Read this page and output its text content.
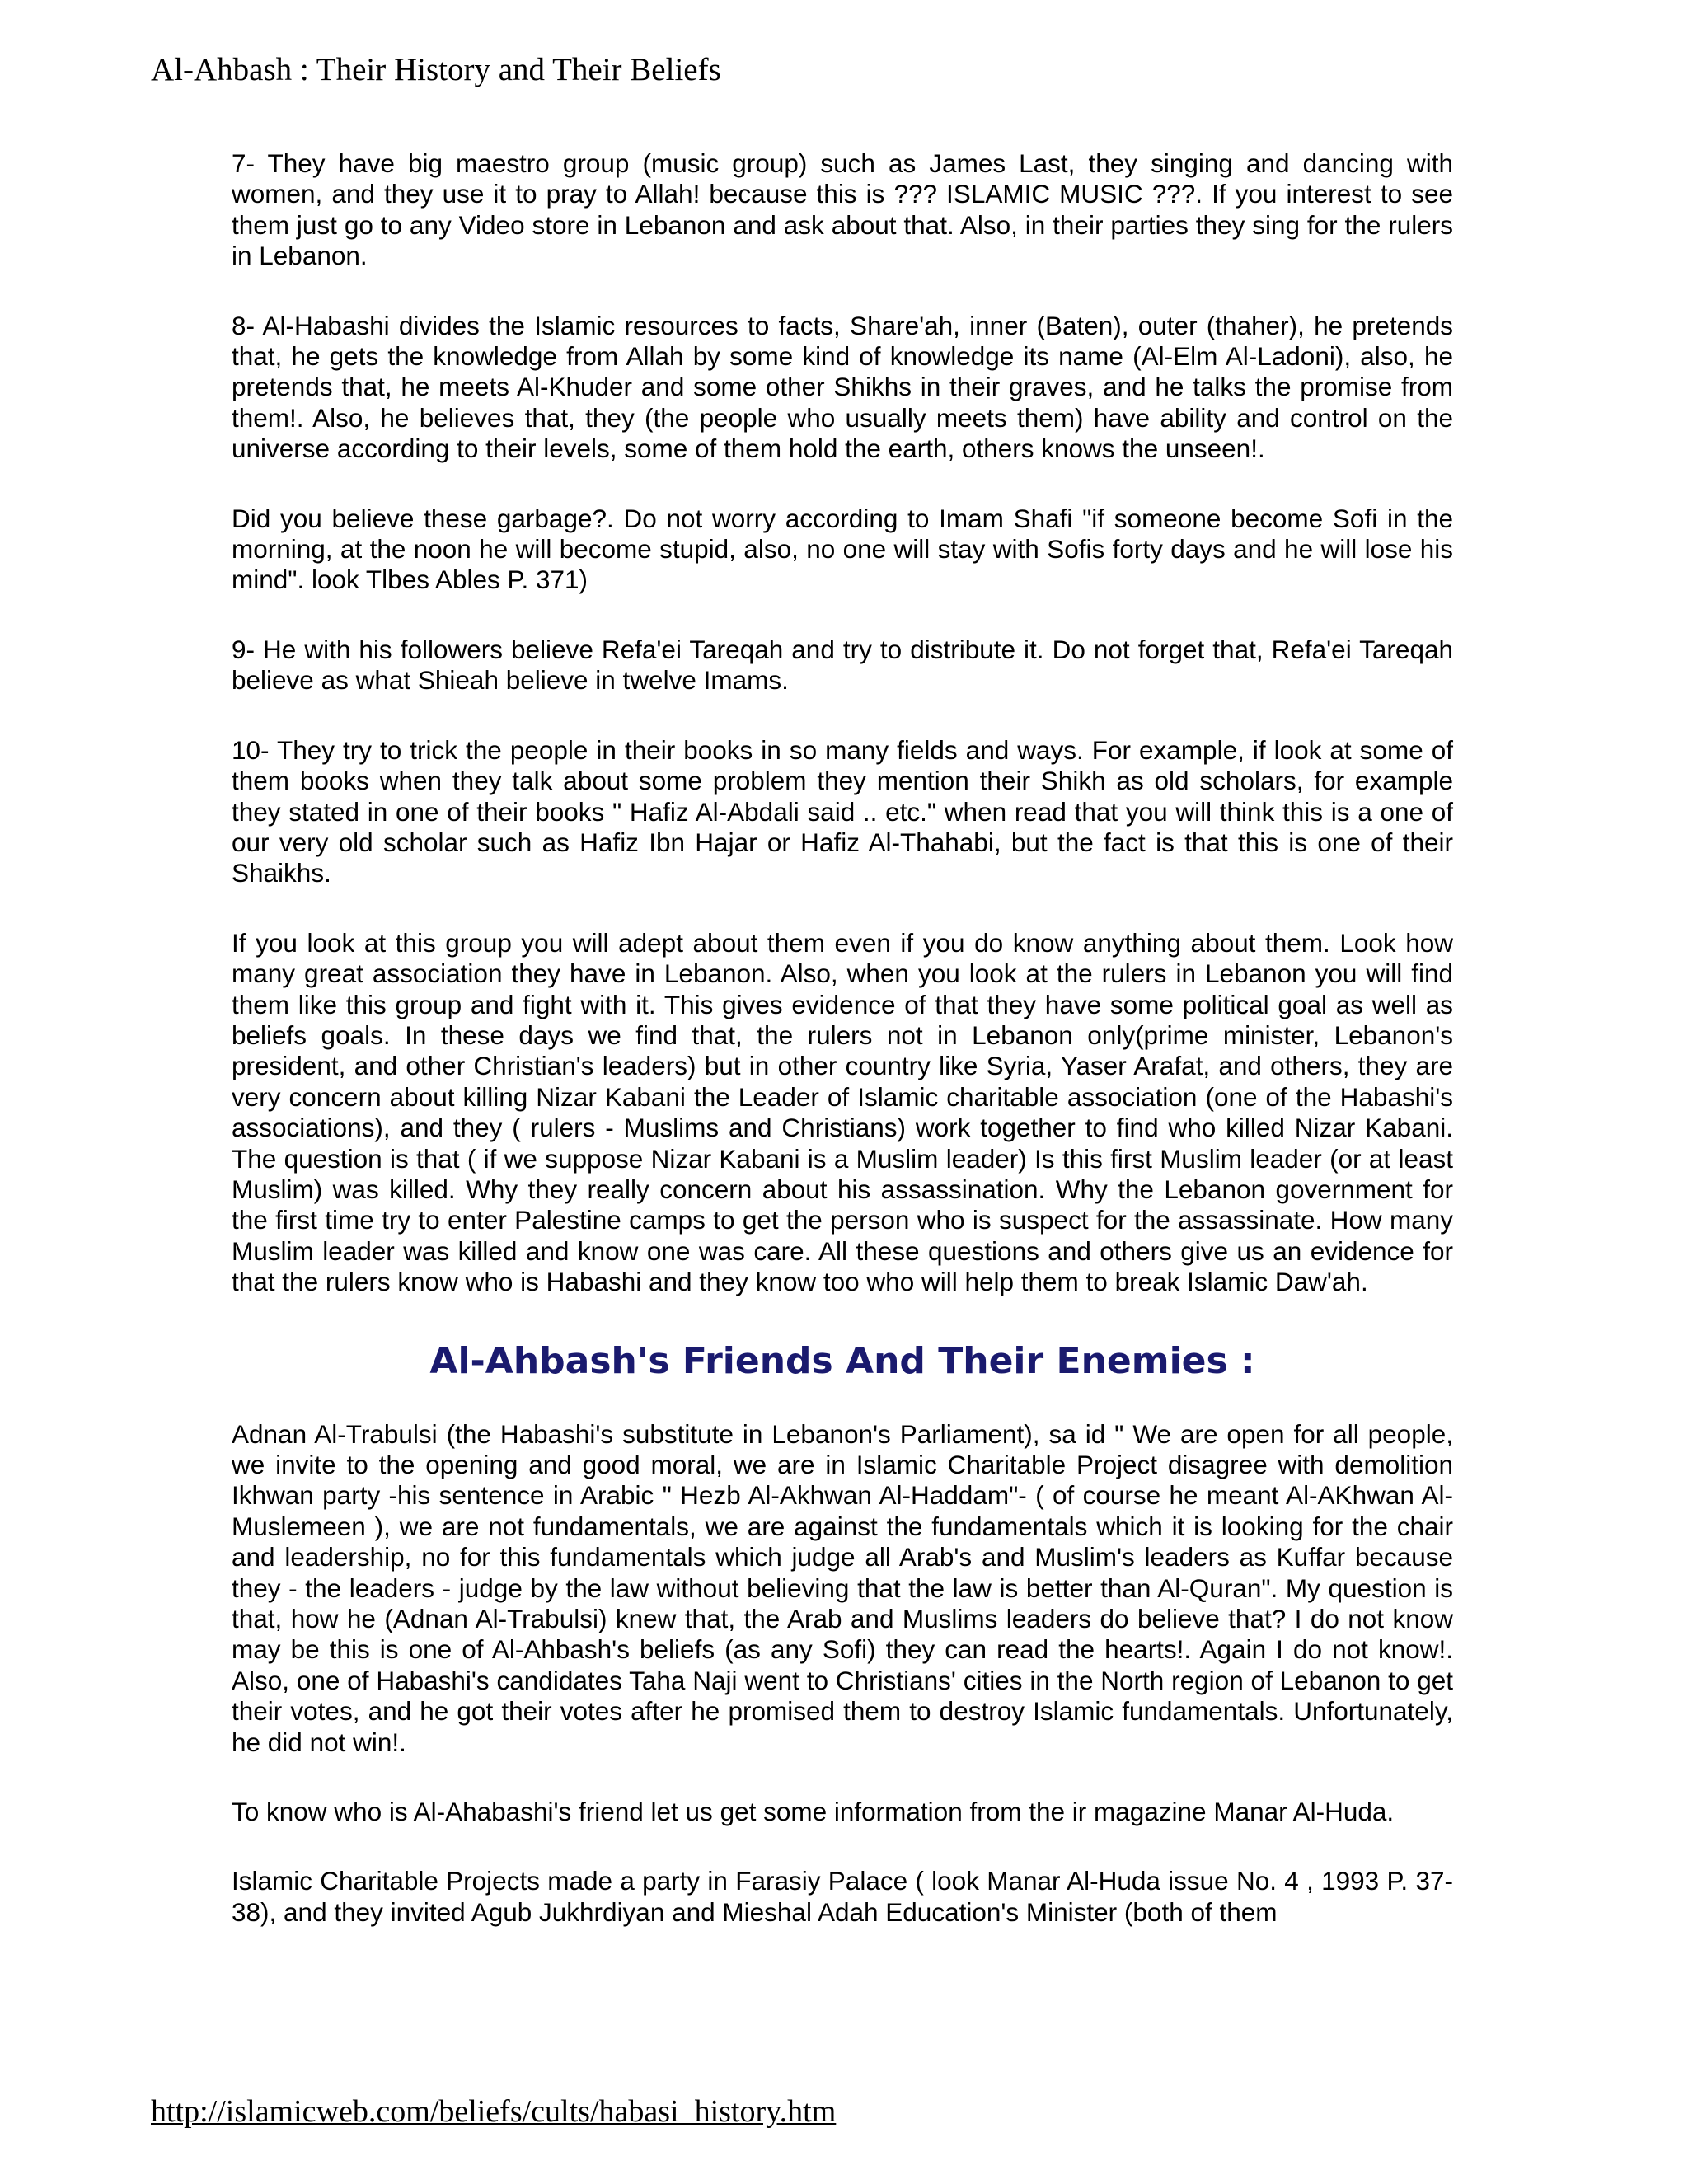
Al-Ahbash : Their History and Their Beliefs

7- They have big maestro group (music group) such as James Last, they singing and dancing with women, and they use it to pray to Allah! because this is ??? ISLAMIC MUSIC ???. If you interest to see them just go to any Video store in Lebanon and ask about that. Also, in their parties they sing for the rulers in Lebanon.

8- Al-Habashi divides the Islamic resources to facts, Share'ah, inner (Baten), outer (thaher), he pretends that, he gets the knowledge from Allah by some kind of knowledge its name (Al-Elm Al-Ladoni), also, he pretends that, he meets Al-Khuder and some other Shikhs in their graves, and he talks the promise from them!. Also, he believes that, they (the people who usually meets them) have ability and control on the universe according to their levels, some of them hold the earth, others knows the unseen!.

Did you believe these garbage?. Do not worry according to Imam Shafi "if someone become Sofi in the morning, at the noon he will become stupid, also, no one will stay with Sofis forty days and he will lose his mind". look Tlbes Ables P. 371)

9- He with his followers believe Refa'ei Tareqah and try to distribute it. Do not forget that, Refa'ei Tareqah believe as what Shieah believe in twelve Imams.

10- They try to trick the people in their books in so many fields and ways. For example, if look at some of them books when they talk about some problem they mention their Shikh as old scholars, for example they stated in one of their books " Hafiz Al-Abdali said .. etc." when read that you will think this is a one of our very old scholar such as Hafiz Ibn Hajar or Hafiz Al-Thahabi, but the fact is that this is one of their Shaikhs.

If you look at this group you will adept about them even if you do know anything about them. Look how many great association they have in Lebanon. Also, when you look at the rulers in Lebanon you will find them like this group and fight with it. This gives evidence of that they have some political goal as well as beliefs goals. In these days we find that, the rulers not in Lebanon only(prime minister, Lebanon's president, and other Christian's leaders) but in other country like Syria, Yaser Arafat, and others, they are very concern about killing Nizar Kabani the Leader of Islamic charitable association (one of the Habashi's associations), and they ( rulers - Muslims and Christians) work together to find who killed Nizar Kabani. The question is that ( if we suppose Nizar Kabani is a Muslim leader) Is this first Muslim leader (or at least Muslim) was killed. Why they really concern about his assassination. Why the Lebanon government for the first time try to enter Palestine camps to get the person who is suspect for the assassinate. How many Muslim leader was killed and know one was care. All these questions and others give us an evidence for that the rulers know who is Habashi and they know too who will help them to break Islamic Daw'ah.

Al-Ahbash's Friends And Their Enemies :

Adnan Al-Trabulsi (the Habashi's substitute in Lebanon's Parliament), sa id " We are open for all people, we invite to the opening and good moral, we are in Islamic Charitable Project disagree with demolition Ikhwan party -his sentence in Arabic " Hezb Al-Akhwan Al-Haddam"- ( of course he meant Al-AKhwan Al-Muslemeen ), we are not fundamentals, we are against the fundamentals which it is looking for the chair and leadership, no for this fundamentals which judge all Arab's and Muslim's leaders as Kuffar because they - the leaders - judge by the law without believing that the law is better than Al-Quran". My question is that, how he (Adnan Al-Trabulsi) knew that, the Arab and Muslims leaders do believe that? I do not know may be this is one of Al-Ahbash's beliefs (as any Sofi) they can read the hearts!. Again I do not know!. Also, one of Habashi's candidates Taha Naji went to Christians' cities in the North region of Lebanon to get their votes, and he got their votes after he promised them to destroy Islamic fundamentals. Unfortunately, he did not win!.

To know who is Al-Ahabashi's friend let us get some information from the ir magazine Manar Al-Huda.

Islamic Charitable Projects made a party in Farasiy Palace ( look Manar Al-Huda issue No. 4 , 1993 P. 37-38), and they invited Agub Jukhrdiyan and Mieshal Adah Education's Minister (both of them

http://islamicweb.com/beliefs/cults/habasi_history.htm
